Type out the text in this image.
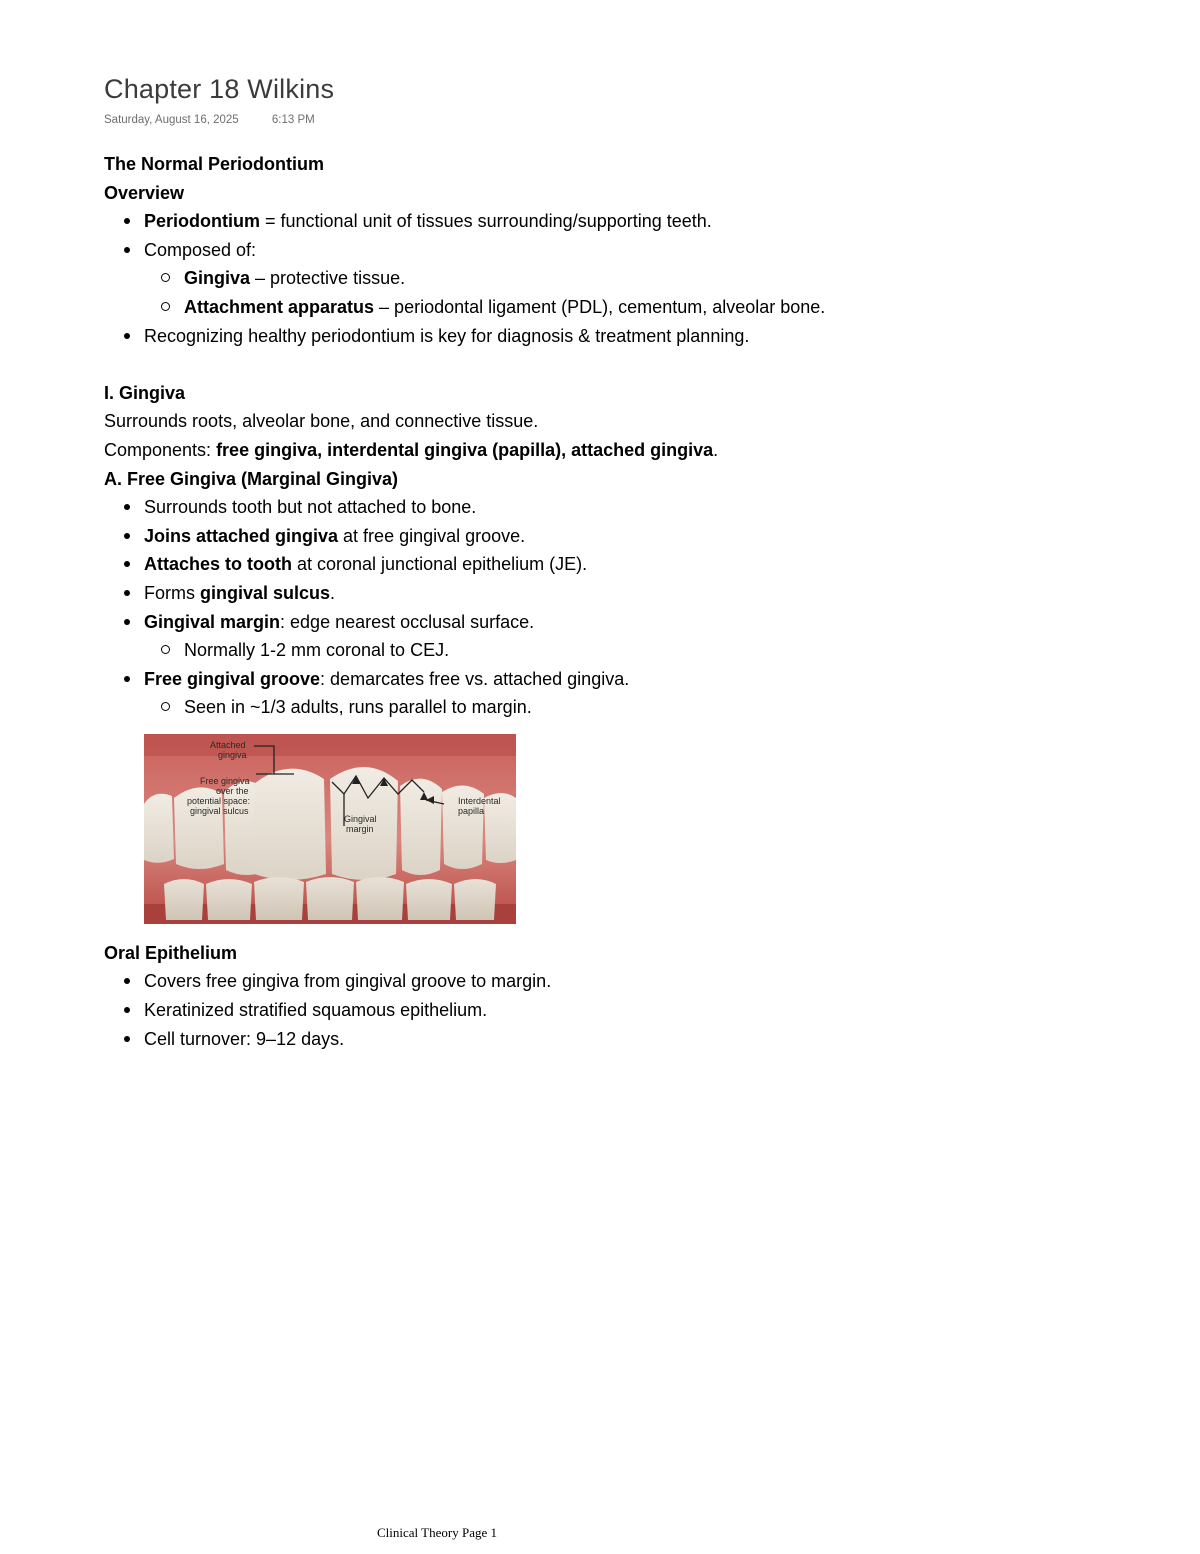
Chapter 18 Wilkins
Saturday, August 16, 2025	6:13 PM

The Normal Periodontium

Overview

Periodontium = functional unit of tissues surrounding/supporting teeth.
Composed of:
Gingiva – protective tissue.
Attachment apparatus – periodontal ligament (PDL), cementum, alveolar bone.
Recognizing healthy periodontium is key for diagnosis & treatment planning.

I. Gingiva

Surrounds roots, alveolar bone, and connective tissue.

Components: free gingiva, interdental gingiva (papilla), attached gingiva.

A. Free Gingiva (Marginal Gingiva)

Surrounds tooth but not attached to bone.
Joins attached gingiva at free gingival groove.
Attaches to tooth at coronal junctional epithelium (JE).
Forms gingival sulcus.
Gingival margin: edge nearest occlusal surface.
Normally 1-2 mm coronal to CEJ.
Free gingival groove: demarcates free vs. attached gingiva.
Seen in ~1/3 adults, runs parallel to margin.
Attached
gingiva
Free gingiva
over the
potential space:
gingival sulcus
Gingival
margin
Interdental
papilla

Oral Epithelium

Covers free gingiva from gingival groove to margin.
Keratinized stratified squamous epithelium.
Cell turnover: 9–12 days.
Clinical Theory Page 1
